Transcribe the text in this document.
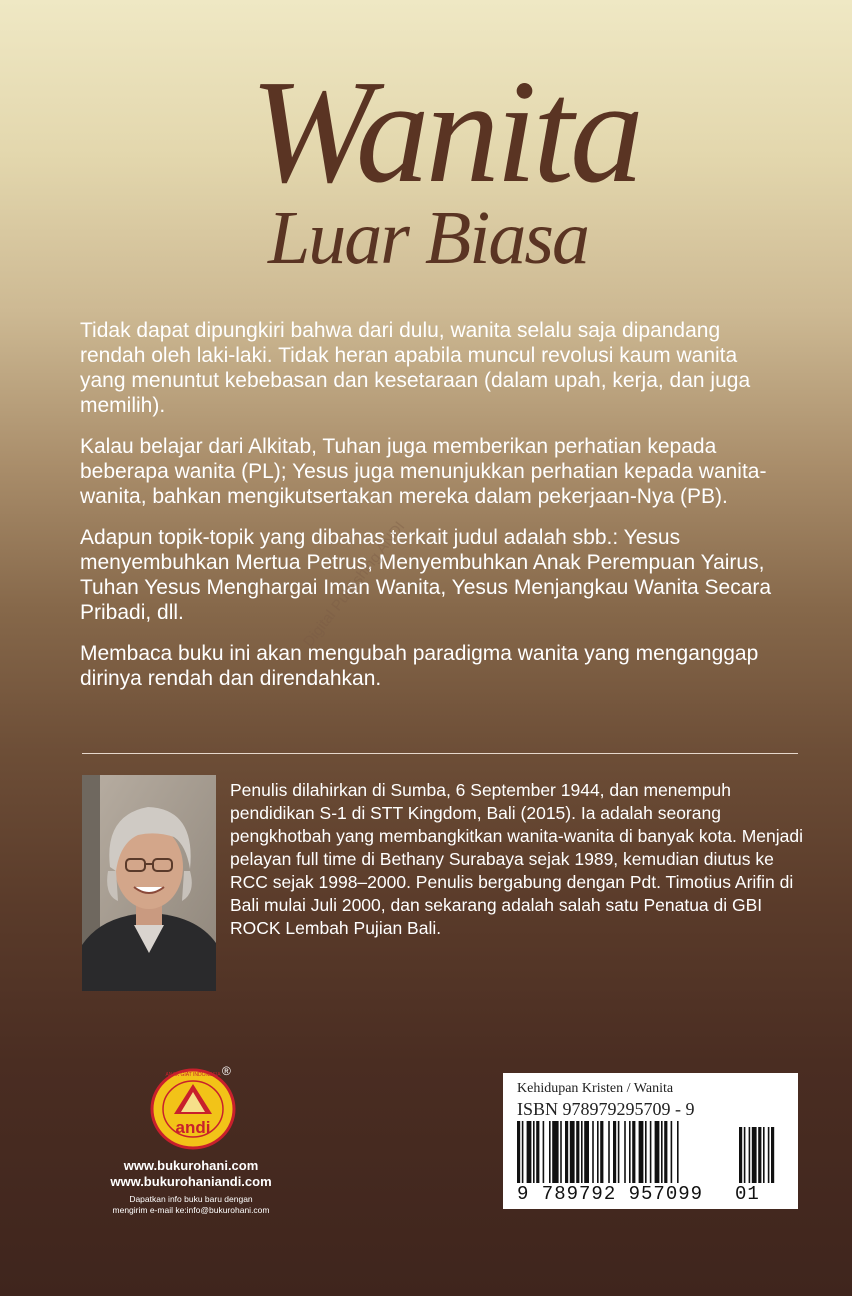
Wanita
Luar Biasa

Tidak dapat dipungkiri bahwa dari dulu, wanita selalu saja dipandang rendah oleh laki-laki. Tidak heran apabila muncul revolusi kaum wanita yang menuntut kebebasan dan kesetaraan (dalam upah, kerja, dan juga memilih).

Kalau belajar dari Alkitab, Tuhan juga memberikan perhatian kepada beberapa wanita (PL); Yesus juga menunjukkan perhatian kepada wanita-wanita, bahkan mengikutsertakan mereka dalam pekerjaan-Nya (PB).

Adapun topik-topik yang dibahas terkait judul adalah sbb.: Yesus menyembuhkan Mertua Petrus, Menyembuhkan Anak Perempuan Yairus, Tuhan Yesus Menghargai Iman Wanita, Yesus Menjangkau Wanita Secara Pribadi, dll.

Membaca buku ini akan mengubah paradigma wanita yang menganggap dirinya rendah dan direndahkan.

Digital Publishing ANDI

Penulis dilahirkan di Sumba, 6 September 1944, dan menempuh pendidikan S-1 di STT Kingdom, Bali (2015). Ia adalah seorang pengkhotbah yang membangkitkan wanita-wanita di banyak kota. Menjadi pelayan full time di Bethany Surabaya sejak 1989, kemudian diutus ke RCC sejak 1998–2000. Penulis bergabung dengan Pdt. Timotius Arifin di Bali mulai Juli 2000, dan sekarang adalah salah satu Penatua di GBI ROCK Lembah Pujian Bali.

andi
ANAK GIAT INDONESIA ®
www.bukurohani.com
www.bukurohaniandi.com
Dapatkan info buku baru dengan
mengirim e-mail ke:info@bukurohani.com
Kehidupan Kristen / Wanita
ISBN 978979295709 - 9
9 789792 957099 01
